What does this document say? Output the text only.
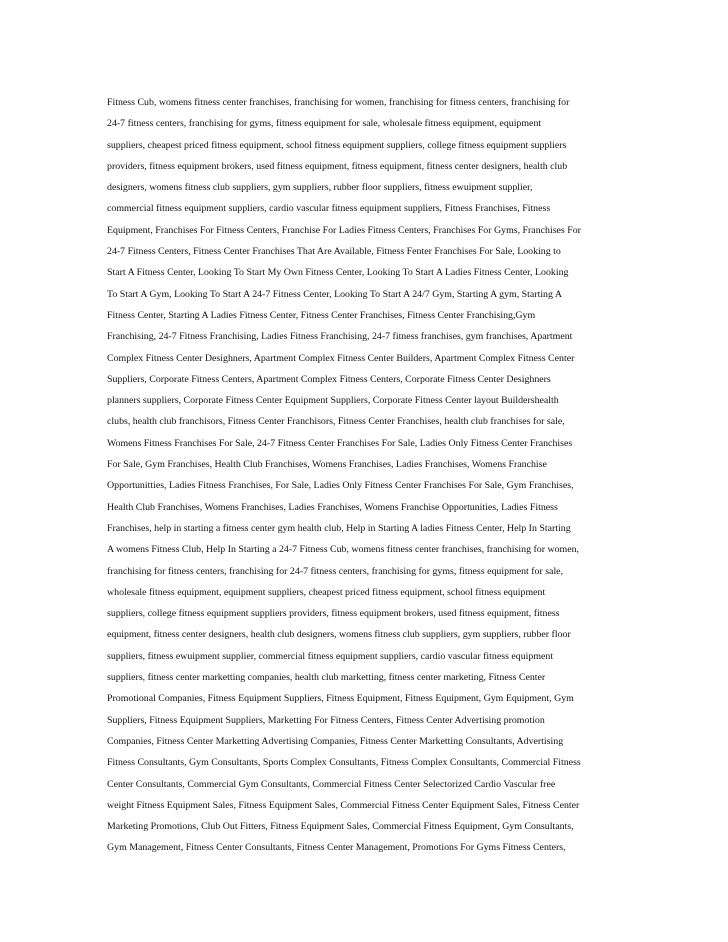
Fitness Cub, womens fitness center franchises, franchising for women, franchising for fitness centers, franchising for
24-7 fitness centers, franchising for gyms, fitness equipment for sale, wholesale fitness equipment, equipment
suppliers, cheapest priced fitness equipment, school fitness equipment suppliers, college fitness equipment suppliers
providers, fitness equipment brokers, used fitness equipment, fitness equipment, fitness center designers, health club
designers, womens fitness club suppliers, gym suppliers, rubber floor suppliers, fitness ewuipment supplier,
commercial fitness equipment suppliers, cardio vascular fitness equipment suppliers, Fitness Franchises, Fitness
Equipment, Franchises For Fitness Centers, Franchise For Ladies Fitness Centers, Franchises For Gyms, Franchises For
24-7 Fitness Centers, Fitness Center Franchises That Are Available, Fitness Fenter Franchises For Sale, Looking to
Start A Fitness Center, Looking To Start My Own Fitness Center, Looking To Start A Ladies Fitness Center, Looking
To Start A Gym, Looking To Start A 24-7 Fitness Center, Looking To Start A 24/7 Gym, Starting A gym, Starting A
Fitness Center, Starting A Ladies Fitness Center, Fitness Center Franchises, Fitness Center Franchising,Gym
Franchising, 24-7 Fitness Franchising, Ladies Fitness Franchising, 24-7 fitness franchises, gym franchises, Apartment
Complex Fitness Center Desighners, Apartment Complex Fitness Center Builders, Apartment Complex Fitness Center
Suppliers, Corporate Fitness Centers, Apartment Complex Fitness Centers, Corporate Fitness Center Desighners
planners suppliers, Corporate Fitness Center Equipment Suppliers, Corporate Fitness Center layout Buildershealth
clubs, health club franchisors, Fitness Center Franchisors, Fitness Center Franchises, health club franchises for sale,
Womens Fitness Franchises For Sale, 24-7 Fitness Center Franchises For Sale, Ladies Only Fitness Center Franchises
For Sale, Gym Franchises, Health Club Franchises, Womens Franchises, Ladies Franchises, Womens Franchise
Opportunitties, Ladies Fitness Franchises, For Sale, Ladies Only Fitness Center Franchises For Sale, Gym Franchises,
Health Club Franchises, Womens Franchises, Ladies Franchises, Womens Franchise Opportunities, Ladies Fitness
Franchises, help in starting a fitness center gym health club, Help in Starting A ladies Fitness Center, Help In Starting
A womens Fitness Club, Help In Starting a 24-7 Fitness Cub, womens fitness center franchises, franchising for women,
franchising for fitness centers, franchising for 24-7 fitness centers, franchising for gyms, fitness equipment for sale,
wholesale fitness equipment, equipment suppliers, cheapest priced fitness equipment, school fitness equipment
suppliers, college fitness equipment suppliers providers, fitness equipment brokers, used fitness equipment, fitness
equipment, fitness center designers, health club designers, womens fitness club suppliers, gym suppliers, rubber floor
suppliers, fitness ewuipment supplier, commercial fitness equipment suppliers, cardio vascular fitness equipment
suppliers, fitness center marketting companies, health club marketting, fitness center marketing, Fitness Center
Promotional Companies, Fitness Equipment Suppliers, Fitness Equipment, Fitness Equipment, Gym Equipment, Gym
Suppliers, Fitness Equipment Suppliers, Marketting For Fitness Centers, Fitness Center Advertising promotion
Companies, Fitness Center Marketting Advertising Companies, Fitness Center Marketting Consultants, Advertising
Fitness Consultants, Gym Consultants, Sports Complex Consultants, Fitness Complex Consultants, Commercial Fitness
Center Consultants, Commercial Gym Consultants, Commercial Fitness Center Selectorized Cardio Vascular free
weight Fitness Equipment Sales, Fitness Equipment Sales, Commercial Fitness Center Equipment Sales, Fitness Center
Marketing Promotions, Club Out Fitters, Fitness Equipment Sales, Commercial Fitness Equipment, Gym Consultants,
Gym Management, Fitness Center Consultants, Fitness Center Management, Promotions For Gyms Fitness Centers,
